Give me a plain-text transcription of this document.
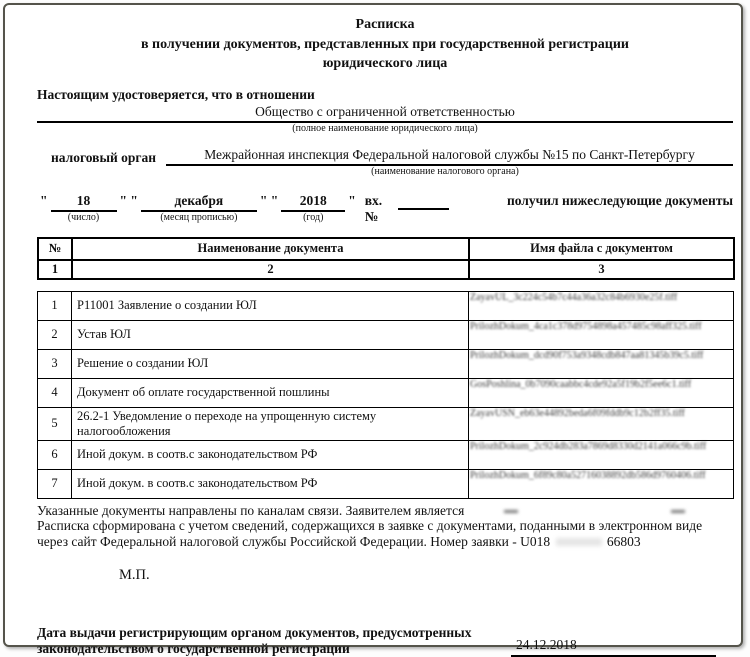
Расписка
в получении документов, представленных при государственной регистрации
юридического лица
Настоящим удостоверяется, что в отношении
Общество с ограниченной ответственностью
(полное наименование юридического лица)
налоговый орган	Межрайонная инспекция Федеральной налоговой службы №15 по Санкт-Петербургу
(наименование налогового органа)
"	18
(число)
" "	декабря
(месяц прописью)
" "	2018
(год)
" вх.№
получил нижеследующие документы
№	Наименование документа	Имя файла с документом
1	2	3
1	Р11001 Заявление о создании ЮЛ	ZayavUL_3c224c54b7c44a36a32c84b6930e25f.tiff

2	Устав ЮЛ	PrilozhDokum_4ca1c378d9754898a457485c98aff325.tiff

3	Решение о создании ЮЛ	PrilozhDokum_dcd90f753a9348cdb847aa81345b39c5.tiff

4	Документ об оплате государственной пошлины	GosPoshlina_0b7090caabbc4cde92a5f19b2f5ee6c1.tiff

5	26.2-1 Уведомление о переходе на упрощенную систему налогообложения	ZayavUSN_eb63e44892beda6f09fddb9c12b2ff35.tiff

6	Иной докум. в соотв.с законодательством РФ	PrilozhDokum_2c924db283a7869d8330d2141a066c9b.tiff

7	Иной докум. в соотв.с законодательством РФ	PrilozhDokum_6f89c80a52716038892db586d9760406.tiff
Указанные документы направлены по каналам связи. Заявителем является
Расписка сформирована с учетом сведений, содержащихся в заявке с документами, поданными в электронном виде
через сайт Федеральной налоговой службы Российской Федерации. Номер заявки - U018	66803
М.П.
Дата выдачи регистрирующим органом документов, предусмотренных законодательством о государственной регистрации	24.12.2018
